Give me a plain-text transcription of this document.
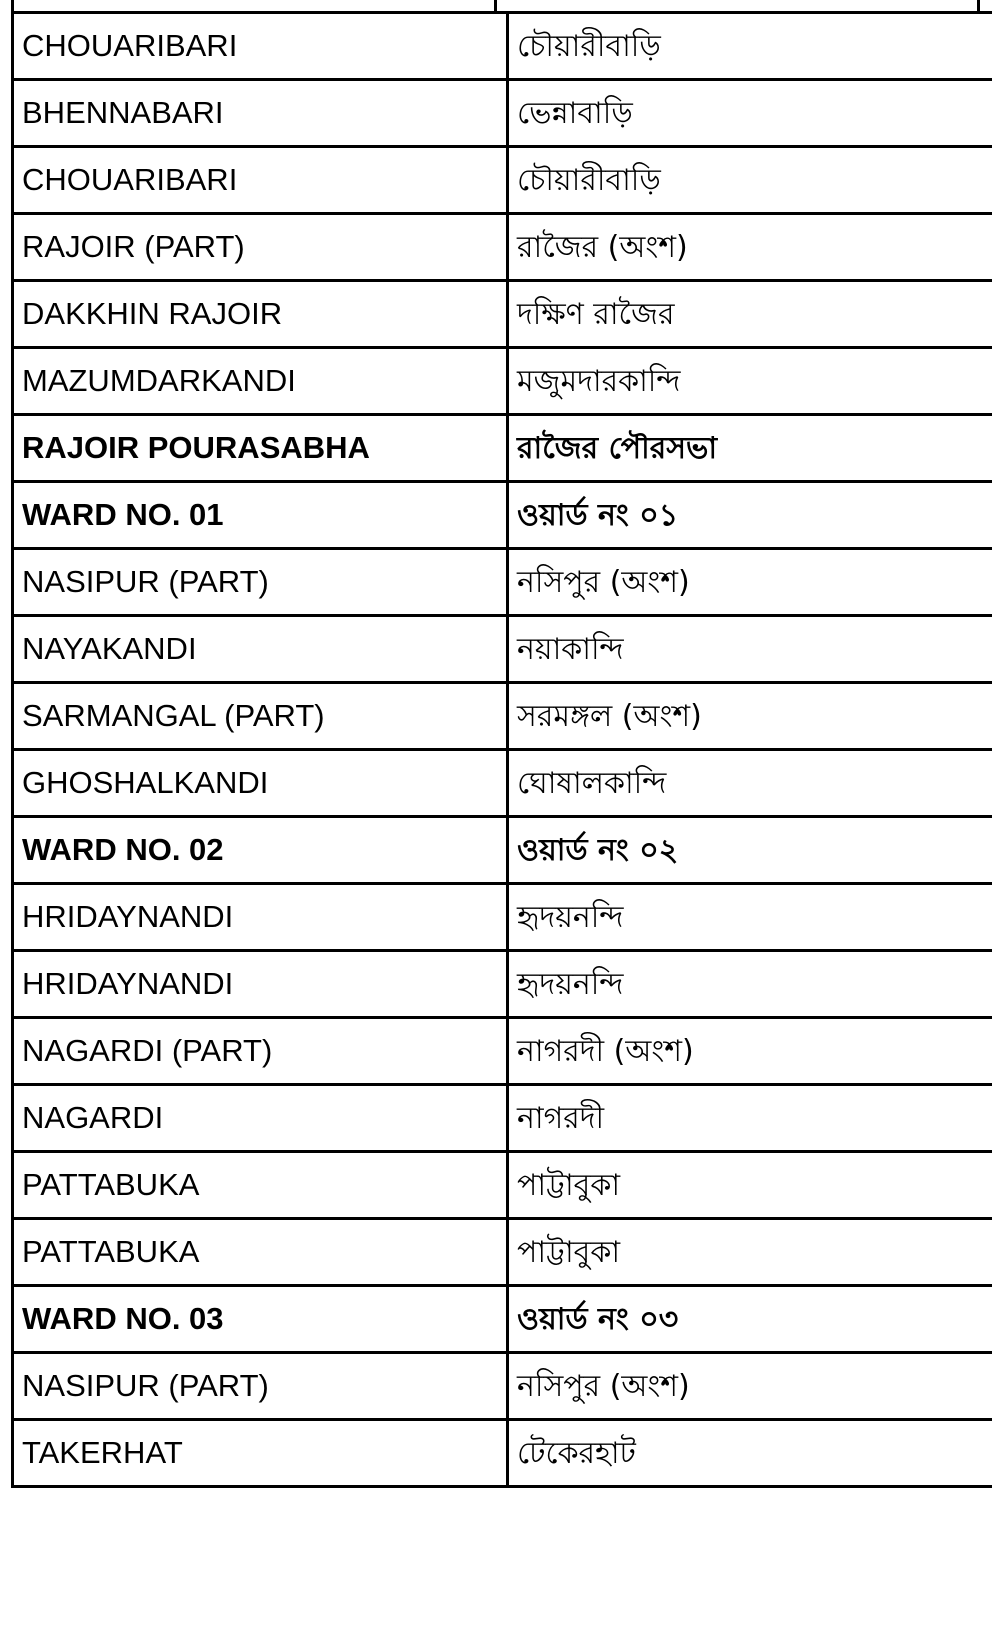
CHOUARIBARI	চৌয়ারীবাড়ি	
BHENNABARI	ভেন্নাবাড়ি	
CHOUARIBARI	চৌয়ারীবাড়ি	
RAJOIR (PART)	রাজৈর (অংশ)	
DAKKHIN RAJOIR	দক্ষিণ রাজৈর	
MAZUMDARKANDI	মজুমদারকান্দি	
RAJOIR POURASABHA	রাজৈর পৌরসভা	
WARD NO. 01	ওয়ার্ড নং ০১	
NASIPUR (PART)	নসিপুর (অংশ)	
NAYAKANDI	নয়াকান্দি	
SARMANGAL (PART)	সরমঙ্গল (অংশ)	
GHOSHALKANDI	ঘোষালকান্দি	
WARD NO. 02	ওয়ার্ড নং ০২	
HRIDAYNANDI	হৃদয়নন্দি	
HRIDAYNANDI	হৃদয়নন্দি	
NAGARDI (PART)	নাগরদী (অংশ)	
NAGARDI	নাগরদী	
PATTABUKA	পাট্টাবুকা	
PATTABUKA	পাট্টাবুকা	
WARD NO. 03	ওয়ার্ড নং ০৩	
NASIPUR (PART)	নসিপুর (অংশ)	
TAKERHAT	টেকেরহাট	
